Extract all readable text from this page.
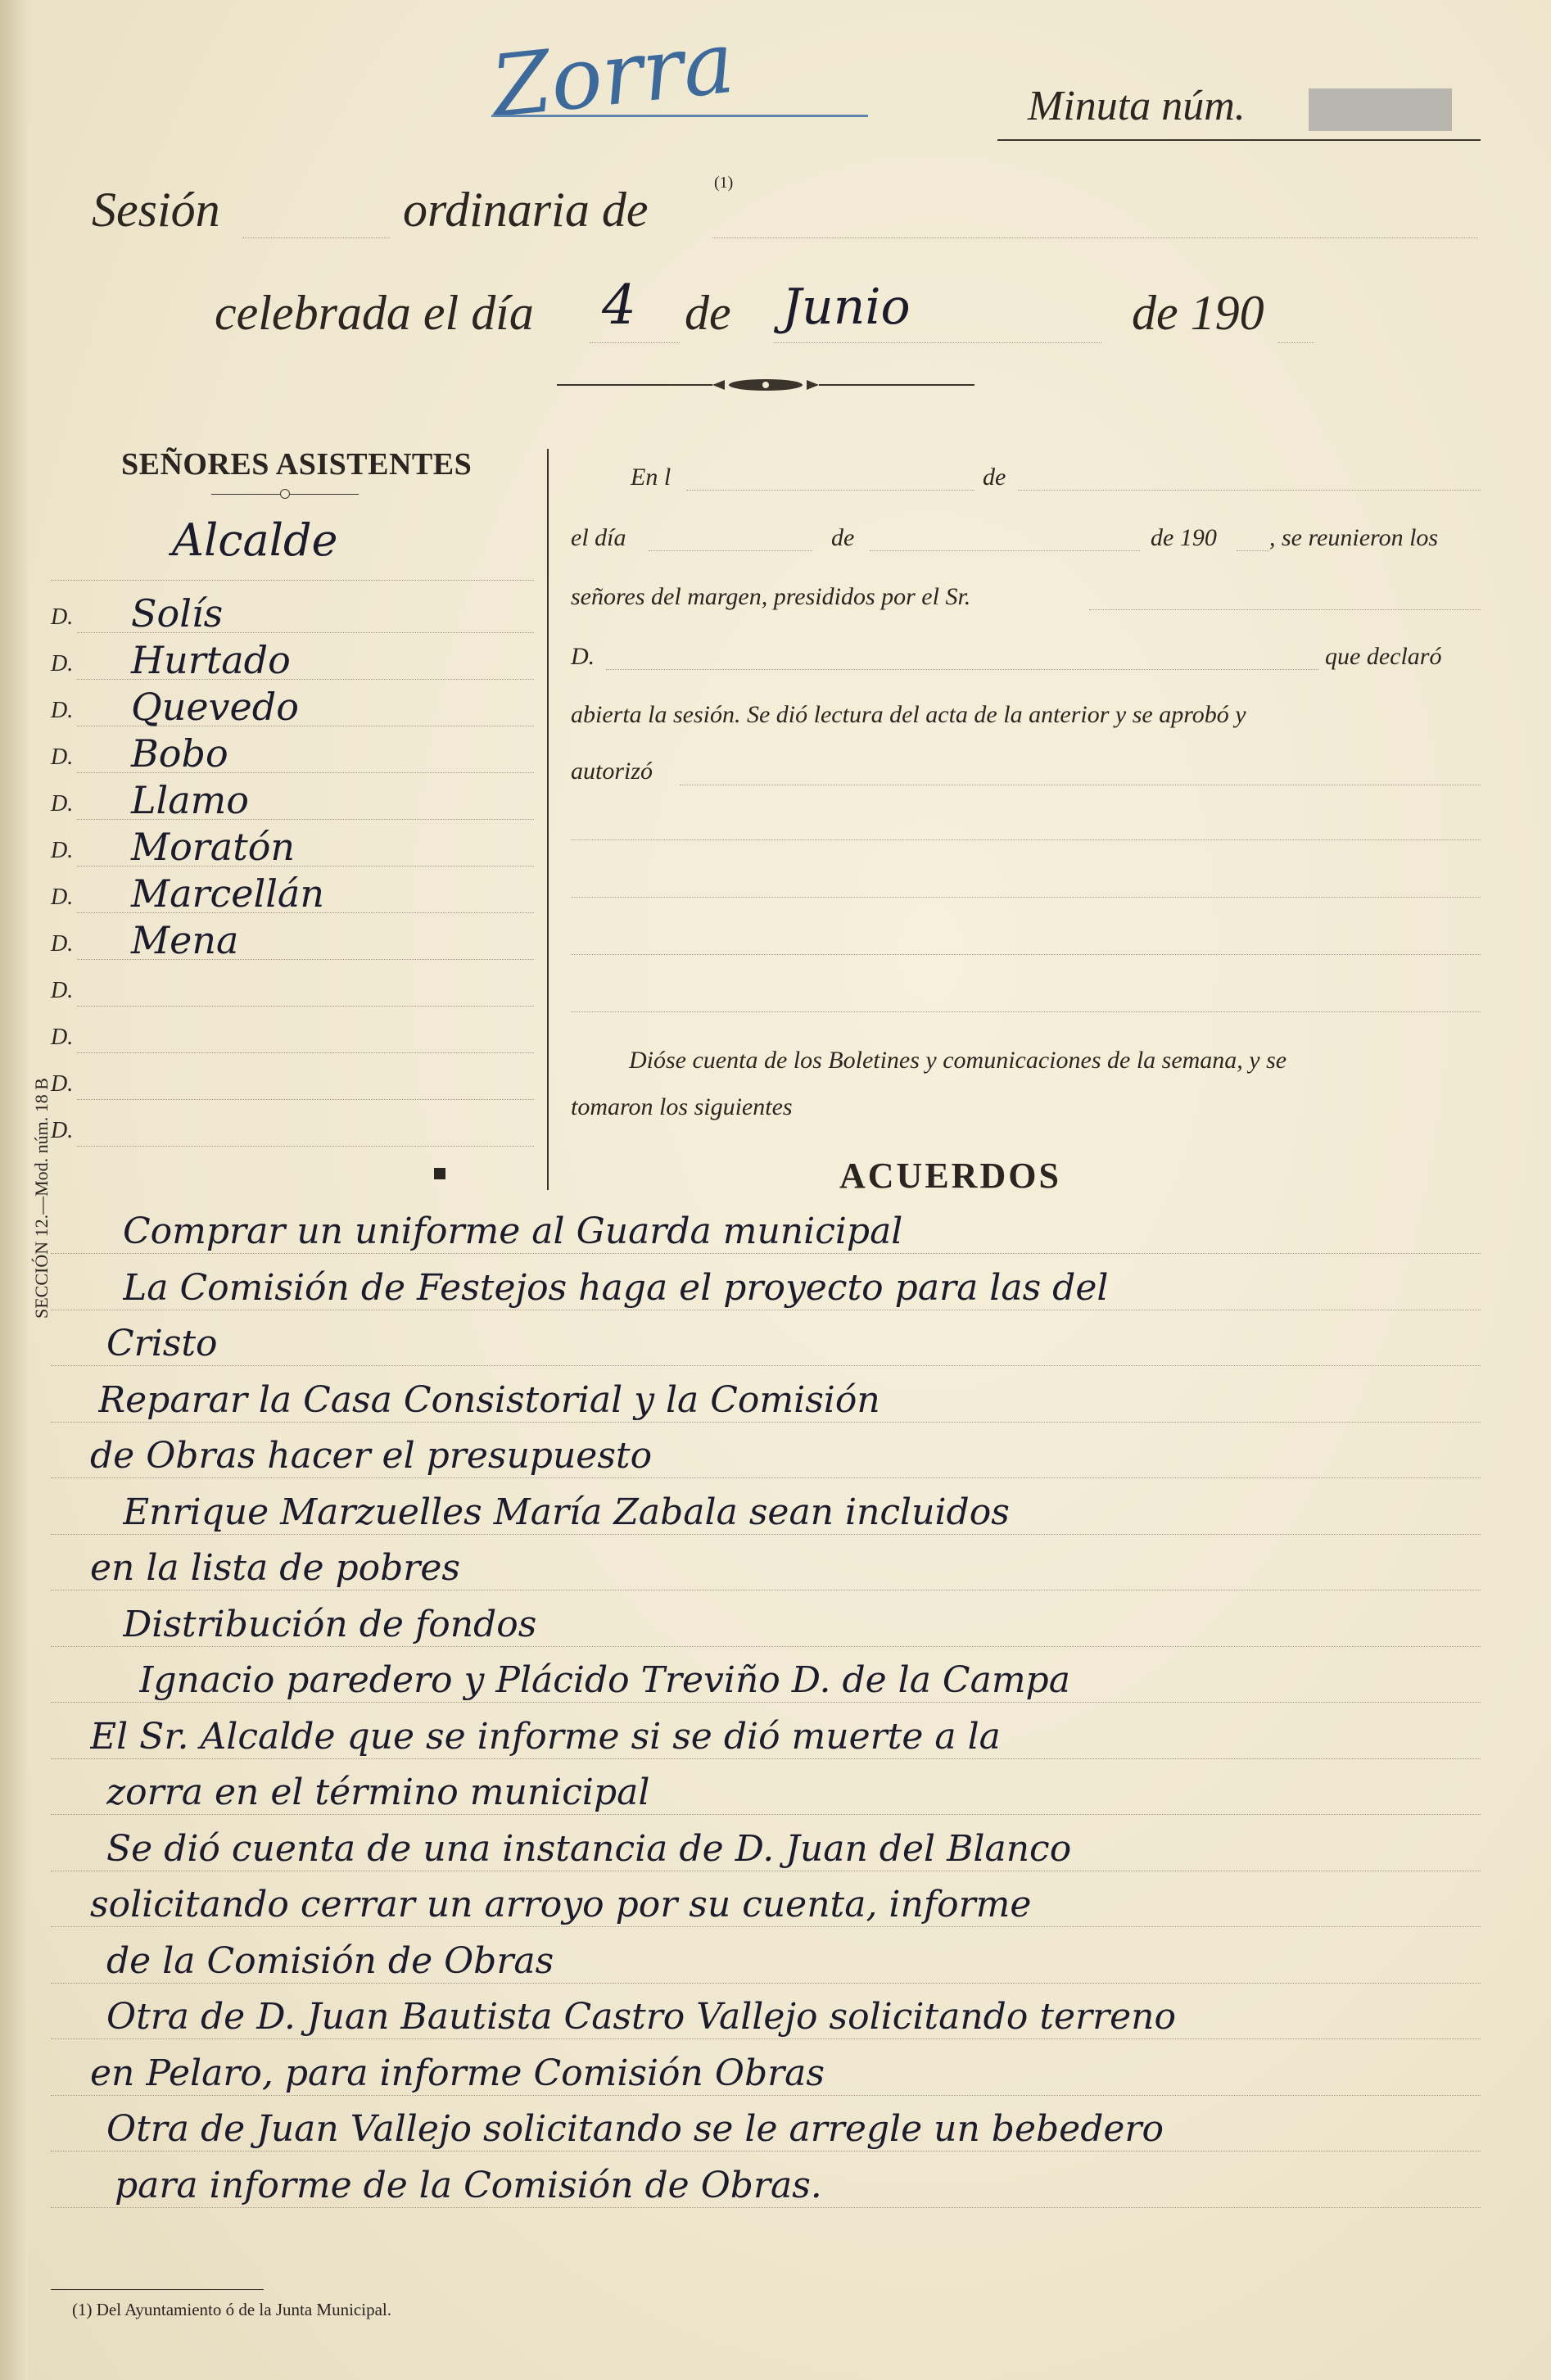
Zorra	Minuta núm.
Sesión	ordinaria de	(1)
celebrada el día 4 de Junio	de 190
SEÑORES ASISTENTES
Alcalde
D. Solís
D. Hurtado
D. Quevedo
D. Bobo
D. Llamo
D. Moratón
D. Marcellán
D. Mena
D.
D.
D.
D.
En l	de
el día	de	de 190 , se reunieron los
señores del margen, presididos por el Sr.
D.	que declaró
abierta la sesión. Se dió lectura del acta de la anterior y se aprobó y
autorizó
Dióse cuenta de los Boletines y comunicaciones de la semana, y se
tomaron los siguientes
ACUERDOS
Comprar un uniforme al Guarda municipal
La Comisión de Festejos haga el proyecto para las del
Cristo
Reparar la Casa Consistorial y la Comisión
de Obras hacer el presupuesto
Enrique Marzuelles María Zabala sean incluidos
en la lista de pobres
Distribución de fondos
Ignacio paredero y Plácido Treviño D. de la Campa
El Sr. Alcalde que se informe si se dió muerte a la
zorra en el término municipal
Se dió cuenta de una instancia de D. Juan del Blanco
solicitando cerrar un arroyo por su cuenta, informe
de la Comisión de Obras
Otra de D. Juan Bautista Castro Vallejo solicitando terreno
en Pelaro, para informe Comisión Obras
Otra de Juan Vallejo solicitando se le arregle un bebedero
para informe de la Comisión de Obras.
SECCIÓN 12.—Mod. núm. 18 B
(1) Del Ayuntamiento ó de la Junta Municipal.
